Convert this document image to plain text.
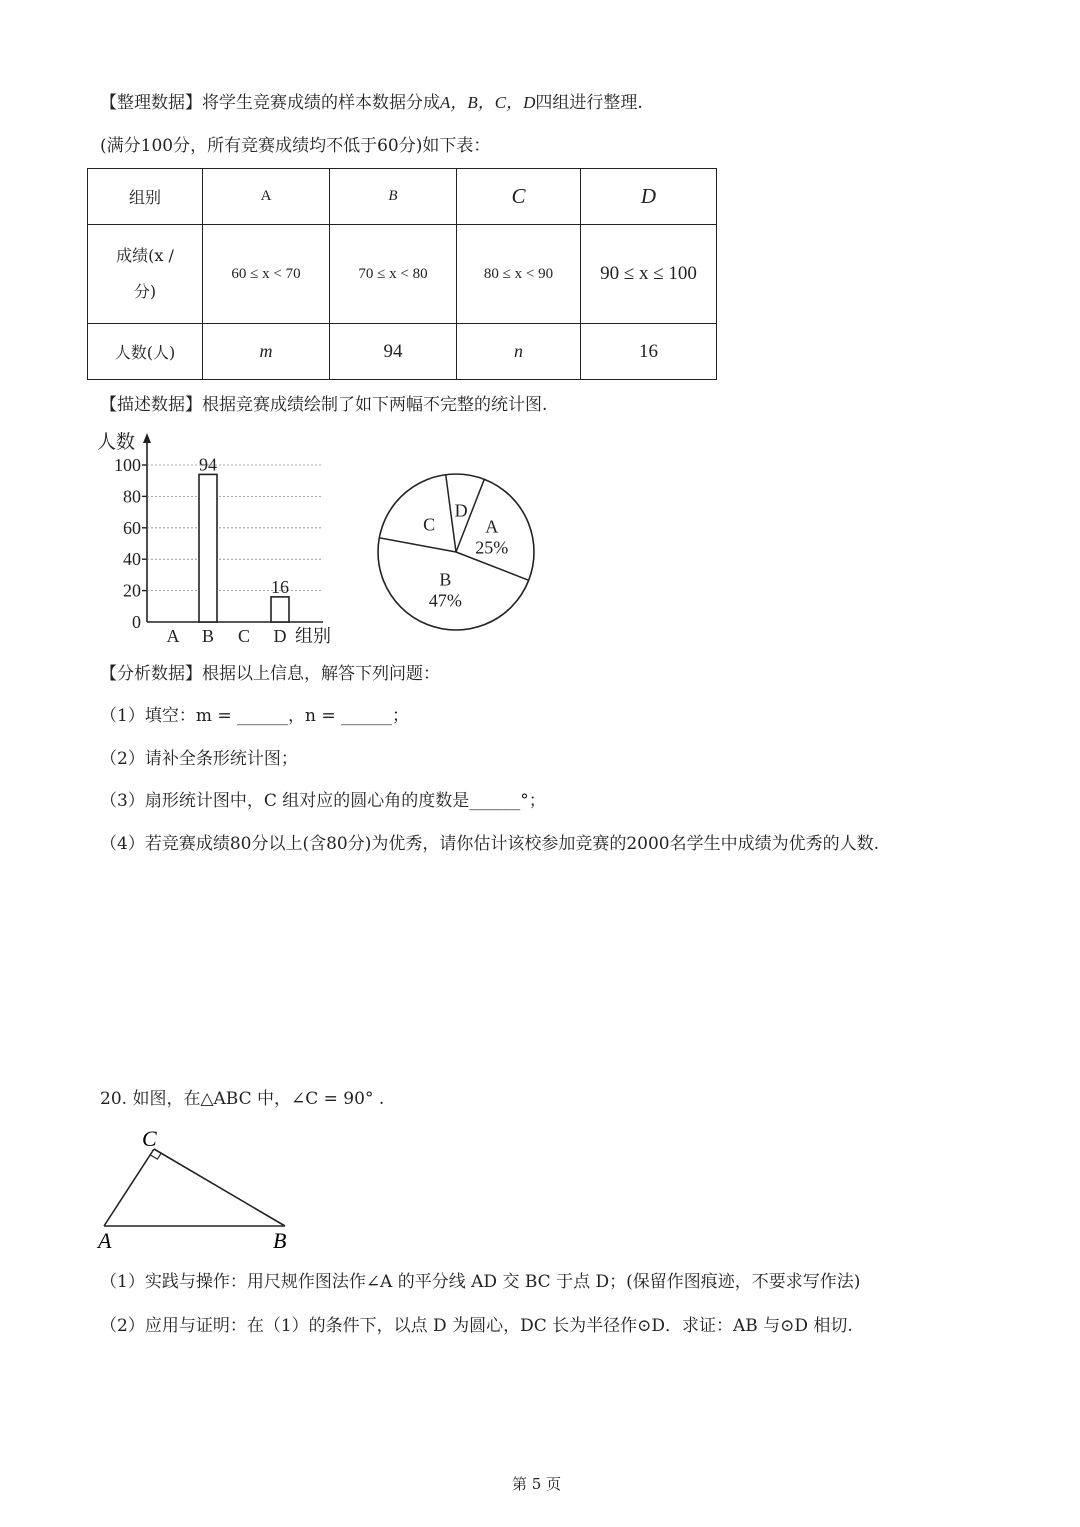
【整理数据】将学生竞赛成绩的样本数据分成A，B，C，D四组进行整理.
(满分100分，所有竞赛成绩均不低于60分)如下表：
组别	A	B	C	D
成绩(x /
分)	60 ≤ x < 70	70 ≤ x < 80	80 ≤ x < 90	90 ≤ x ≤ 100
人数(人)	m	94	n	16
【描述数据】根据竞赛成绩绘制了如下两幅不完整的统计图.
人数
组别
0
20
40
60
80
100
A B C D
94
16
A
25%
B
47%
C
D
【分析数据】根据以上信息，解答下列问题：
（1）填空：m = ______，n = ______；
（2）请补全条形统计图；
（3）扇形统计图中，C 组对应的圆心角的度数是______°；
（4）若竞赛成绩80分以上(含80分)为优秀，请你估计该校参加竞赛的2000名学生中成绩为优秀的人数.
20. 如图，在△ABC 中，∠C = 90° .
C
A	B
（1）实践与操作：用尺规作图法作∠A 的平分线 AD 交 BC 于点 D；(保留作图痕迹，不要求写作法)
（2）应用与证明：在（1）的条件下，以点 D 为圆心，DC 长为半径作⊙D．求证：AB 与⊙D 相切.
第 5 页
